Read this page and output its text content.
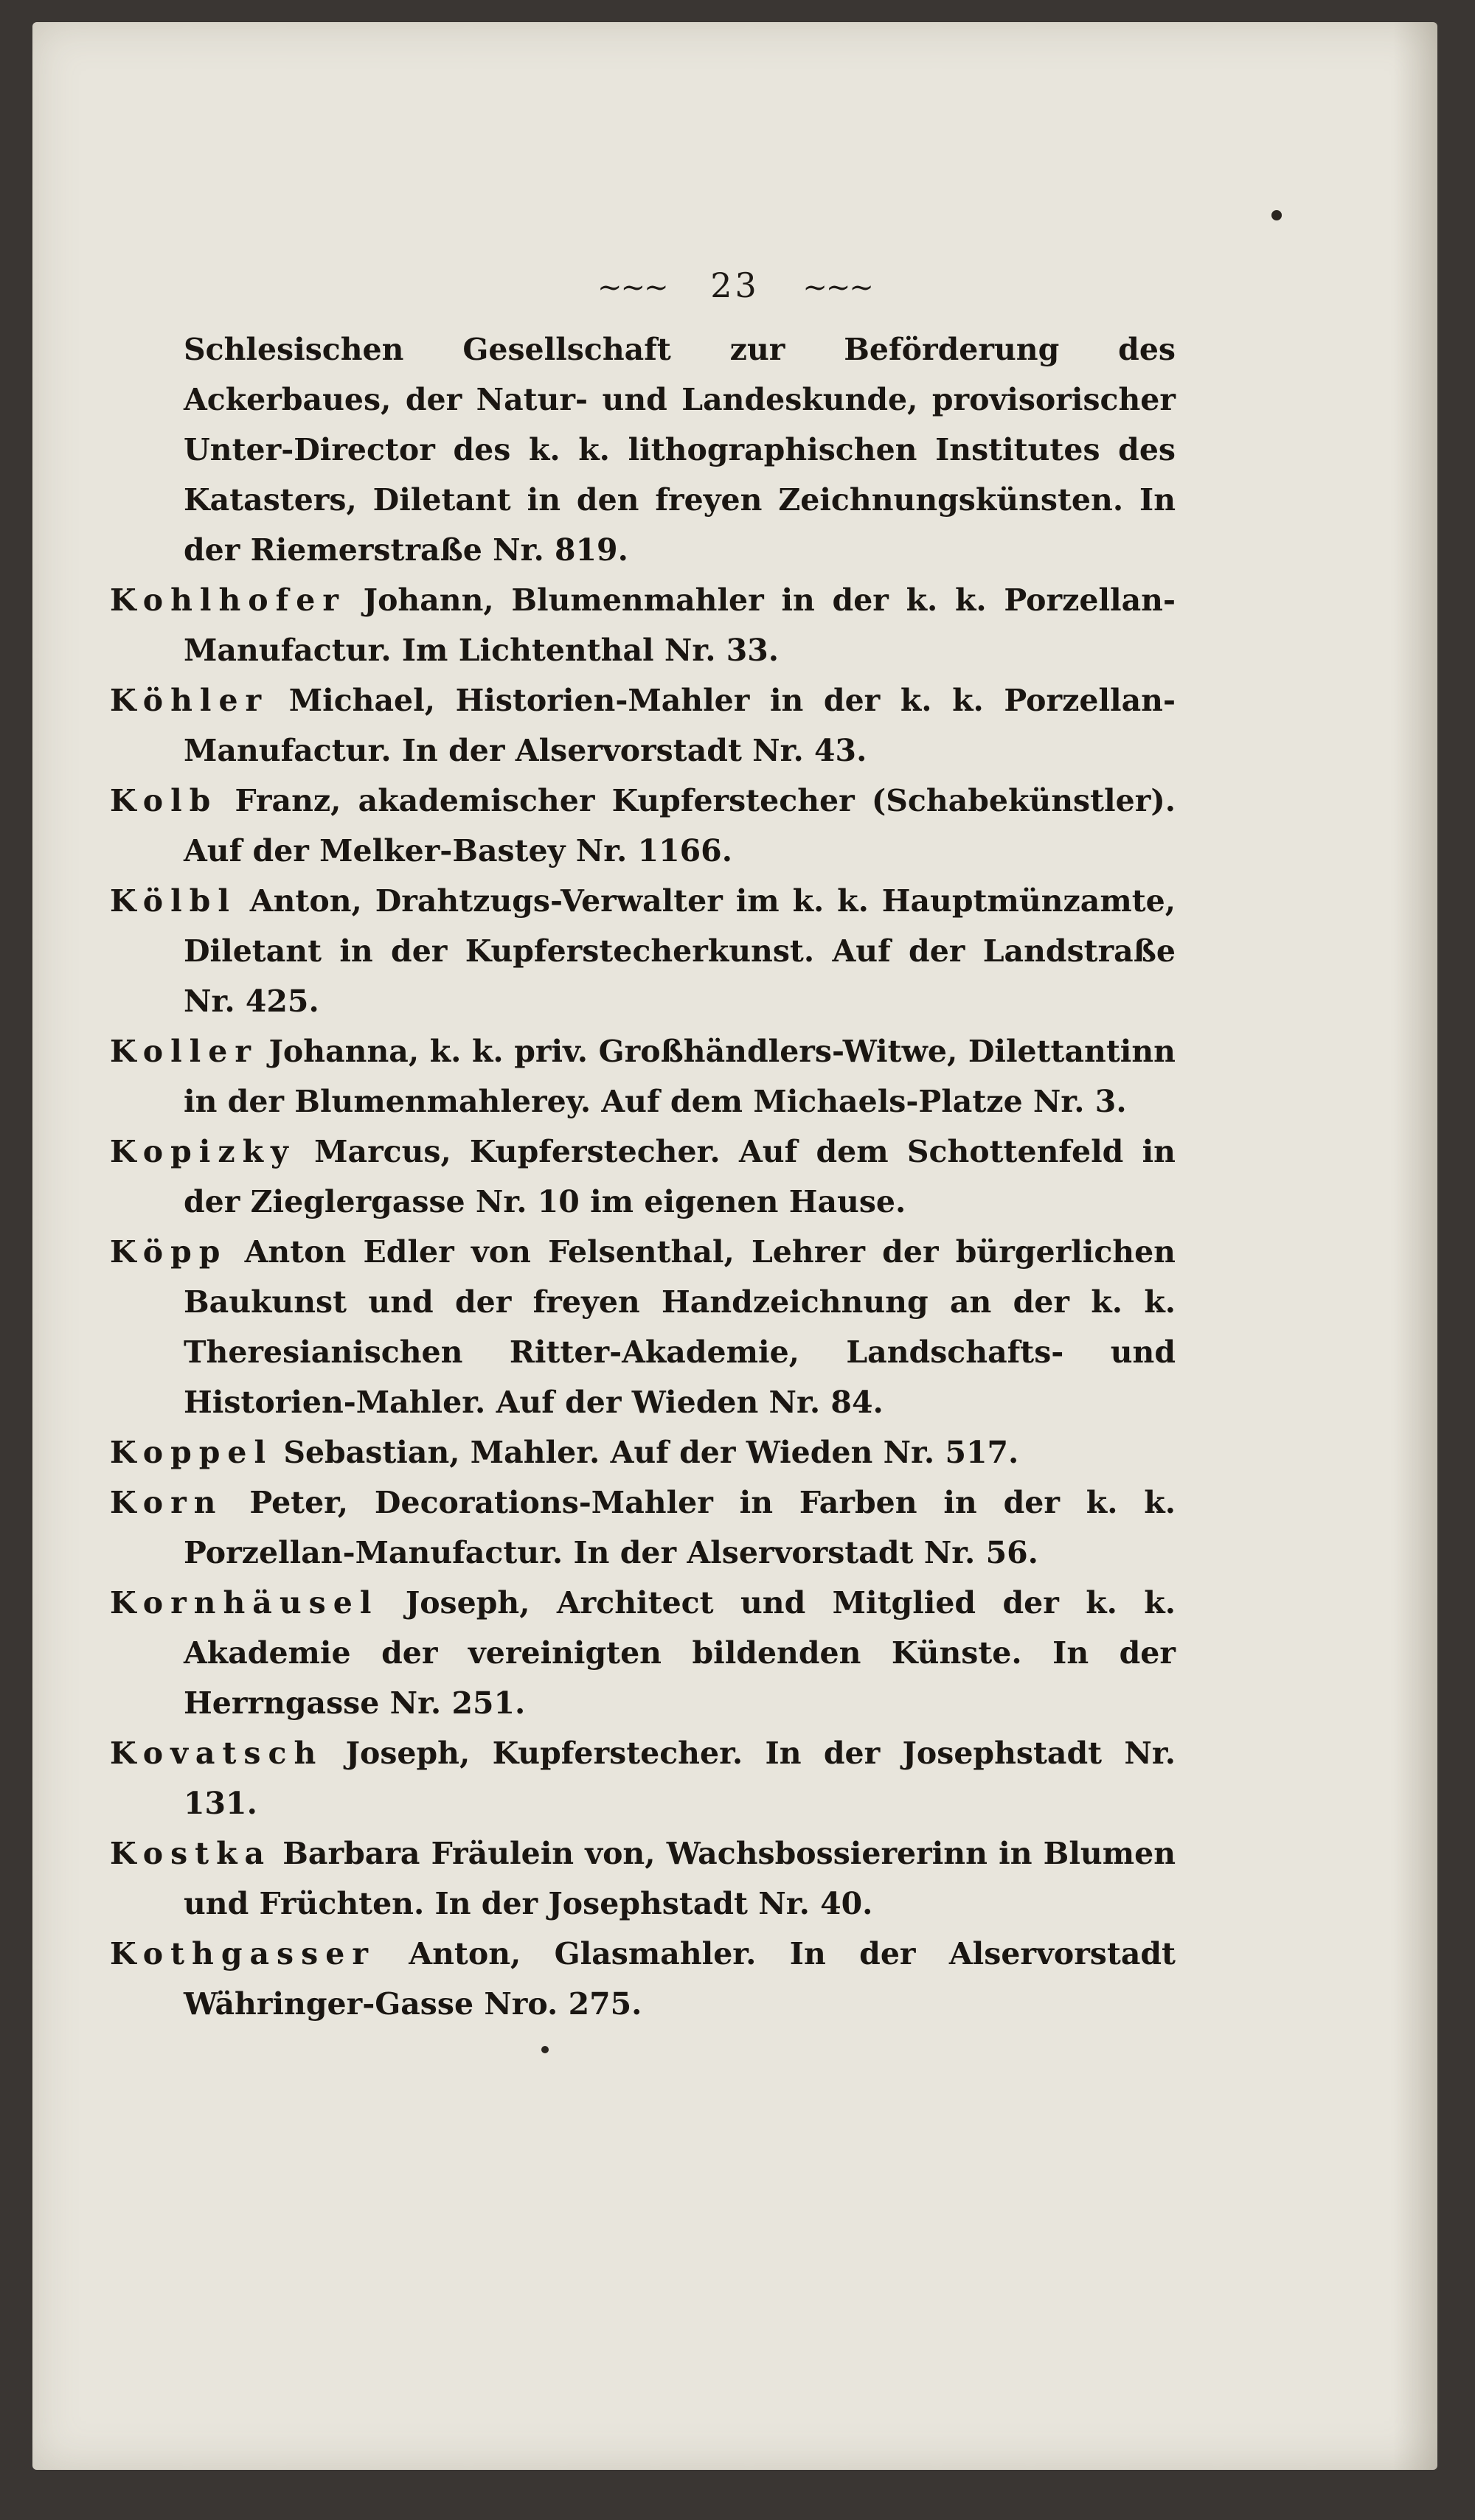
~~~ 23 ~~~
Schlesischen Gesellschaft zur Beförderung des Ackerbaues, der Natur- und Landeskunde, provisorischer Unter-Director des k. k. lithographischen Institutes des Katasters, Diletant in den freyen Zeichnungskünsten. In der Riemerstraße Nr. 819.
Kohlhofer Johann, Blumenmahler in der k. k. Porzellan-Manufactur. Im Lichtenthal Nr. 33.
Köhler Michael, Historien-Mahler in der k. k. Porzellan-Manufactur. In der Alservorstadt Nr. 43.
Kolb Franz, akademischer Kupferstecher (Schabekünstler). Auf der Melker-Bastey Nr. 1166.
Kölbl Anton, Drahtzugs-Verwalter im k. k. Hauptmünzamte, Diletant in der Kupferstecherkunst. Auf der Landstraße Nr. 425.
Koller Johanna, k. k. priv. Großhändlers-Witwe, Dilettantinn in der Blumenmahlerey. Auf dem Michaels-Platze Nr. 3.
Kopizky Marcus, Kupferstecher. Auf dem Schottenfeld in der Zieglergasse Nr. 10 im eigenen Hause.
Köpp Anton Edler von Felsenthal, Lehrer der bürgerlichen Baukunst und der freyen Handzeichnung an der k. k. Theresianischen Ritter-Akademie, Landschafts- und Historien-Mahler. Auf der Wieden Nr. 84.
Koppel Sebastian, Mahler. Auf der Wieden Nr. 517.
Korn Peter, Decorations-Mahler in Farben in der k. k. Porzellan-Manufactur. In der Alservorstadt Nr. 56.
Kornhäusel Joseph, Architect und Mitglied der k. k. Akademie der vereinigten bildenden Künste. In der Herrngasse Nr. 251.
Kovatsch Joseph, Kupferstecher. In der Josephstadt Nr. 131.
Kostka Barbara Fräulein von, Wachsbossiererinn in Blumen und Früchten. In der Josephstadt Nr. 40.
Kothgasser Anton, Glasmahler. In der Alservorstadt Währinger-Gasse Nro. 275.
